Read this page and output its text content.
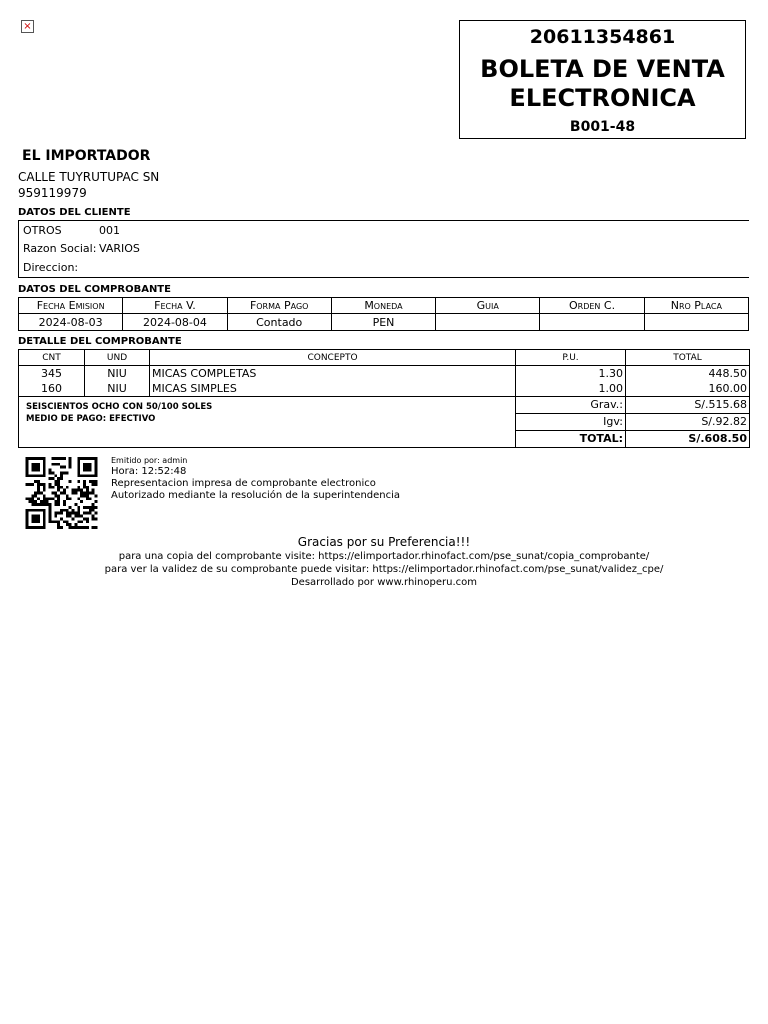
×	20611354861
BOLETA DE VENTA ELECTRONICA
B001-48
EL IMPORTADOR
CALLE TUYRUTUPAC SN
959119979
DATOS DEL CLIENTE
OTROS	001
Razon Social: VARIOS
Direccion:
DATOS DEL COMPROBANTE
Fecha Emision	Fecha V.	Forma Pago	Moneda	Guia	Orden C.	Nro Placa
2024-08-03	2024-08-04	Contado	PEN			
DETALLE DEL COMPROBANTE
CNT	UND	CONCEPTO	P.U.	TOTAL
345	NIU	MICAS COMPLETAS	1.30	448.50
160	NIU	MICAS SIMPLES	1.00	160.00

SEISCIENTOS OCHO CON 50/100 SOLES
MEDIO DE PAGO: EFECTIVO			Grav.:	S/.515.68
			Igv:	S/.92.82
			TOTAL:	S/.608.50
Emitido por: admin
Hora: 12:52:48
Representacion impresa de comprobante electronico
Autorizado mediante la resolución de la superintendencia
Gracias por su Preferencia!!!
para una copia del comprobante visite: https://elimportador.rhinofact.com/pse_sunat/copia_comprobante/
para ver la validez de su comprobante puede visitar: https://elimportador.rhinofact.com/pse_sunat/validez_cpe/
Desarrollado por www.rhinoperu.com
